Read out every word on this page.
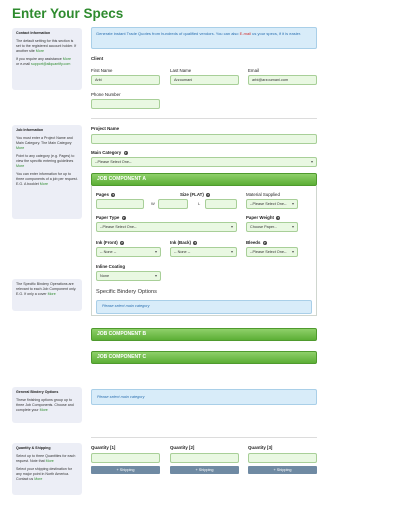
Enter Your Specs
Contact Information

The default setting for this section is set to the registered account holder. If another site More

If you require any assistance More
or e-mail support@allquantify.com

Job Information

You must enter a Project Name and Main Category. The Main Category More

Point to any category (e.g. Pages) to view the specific entering guidelines More

You can enter information for up to three components of a job per request. E.G. A booklet More

The Specific Bindery Operations are relevant to each Job Component only. E.G. If only a cover More

General Bindery Options

These finishing options group up to three Job Components. Choose and complete your More

Quantity & Shipping

Select up to three Quantities for each request. Note that More

Select your shipping destination for any major point in North America. Contact us More

Generate instant Trade Quotes from hundreds of qualified vendors. You can also E-mail us your specs, if it is easier.
Client
First Name
Arbi
Last Name
Arzoumani
Email
arbi@arzoumani.com
Phone Number
Project Name
Main Category ?
--Please Select One-- ▾
JOB COMPONENT A
Pages ?	Size (FLAT) ?
W	L
Material Supplied
--Please Select One-- ▾
Paper Type ?
--Please Select One-- ▾
Paper Weight ?
Choose Paper... ▾
Ink (Front) ?
-- None -- ▾
Ink (Back) ?
-- None -- ▾
Bleeds ?
--Please Select One-- ▾
Inline Coating
None ▾
Specific Bindery Options
Please select main category
JOB COMPONENT B
JOB COMPONENT C
Please select main category
Quantity [1]
+ Shipping
Quantity [2]
+ Shipping
Quantity [3]
+ Shipping
